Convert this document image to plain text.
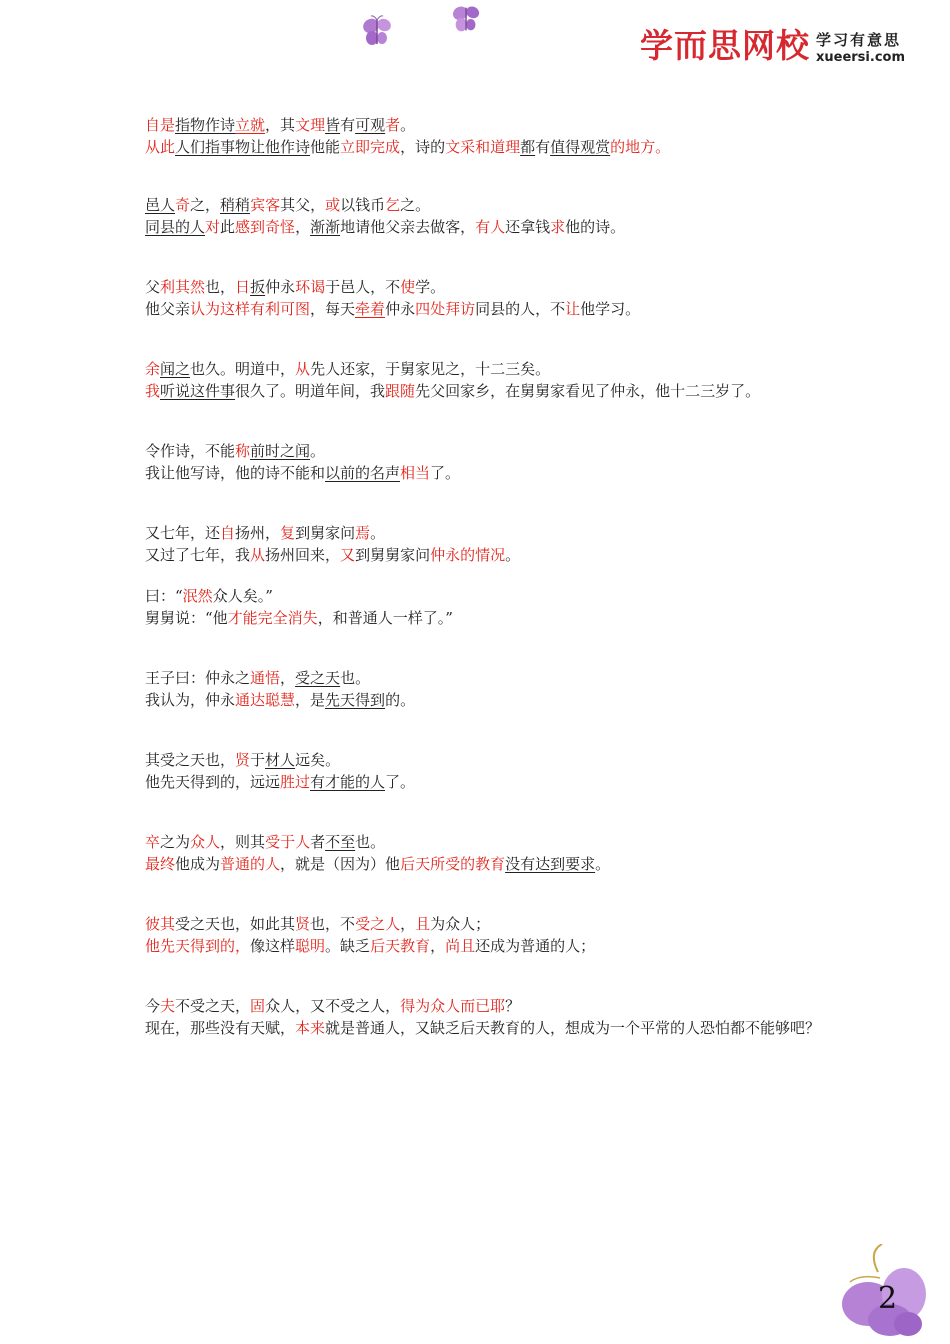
学而思网校 学习有意思
xueersi.com
自是指物作诗立就，其文理皆有可观者。
从此人们指事物让他作诗他能立即完成，诗的文采和道理都有值得观赏的地方。
邑人奇之，稍稍宾客其父，或以钱币乞之。
同县的人对此感到奇怪，渐渐地请他父亲去做客，有人还拿钱求他的诗。
父利其然也，日扳仲永环谒于邑人，不使学。
他父亲认为这样有利可图，每天牵着仲永四处拜访同县的人，不让他学习。
余闻之也久。明道中，从先人还家，于舅家见之，十二三矣。
我听说这件事很久了。明道年间，我跟随先父回家乡，在舅舅家看见了仲永，他十二三岁了。
令作诗，不能称前时之闻。
我让他写诗，他的诗不能和以前的名声相当了。
又七年，还自扬州，复到舅家问焉。
又过了七年，我从扬州回来，又到舅舅家问仲永的情况。
曰：“泯然众人矣。”
舅舅说：“他才能完全消失，和普通人一样了。”
王子曰：仲永之通悟，受之天也。
我认为，仲永通达聪慧，是先天得到的。
其受之天也，贤于材人远矣。
他先天得到的，远远胜过有才能的人了。
卒之为众人，则其受于人者不至也。
最终他成为普通的人，就是（因为）他后天所受的教育没有达到要求。
彼其受之天也，如此其贤也，不受之人，且为众人；
他先天得到的，像这样聪明。缺乏后天教育，尚且还成为普通的人；
今夫不受之天，固众人，又不受之人，得为众人而已耶？
现在，那些没有天赋，本来就是普通人，又缺乏后天教育的人，想成为一个平常的人恐怕都不能够吧？
2
